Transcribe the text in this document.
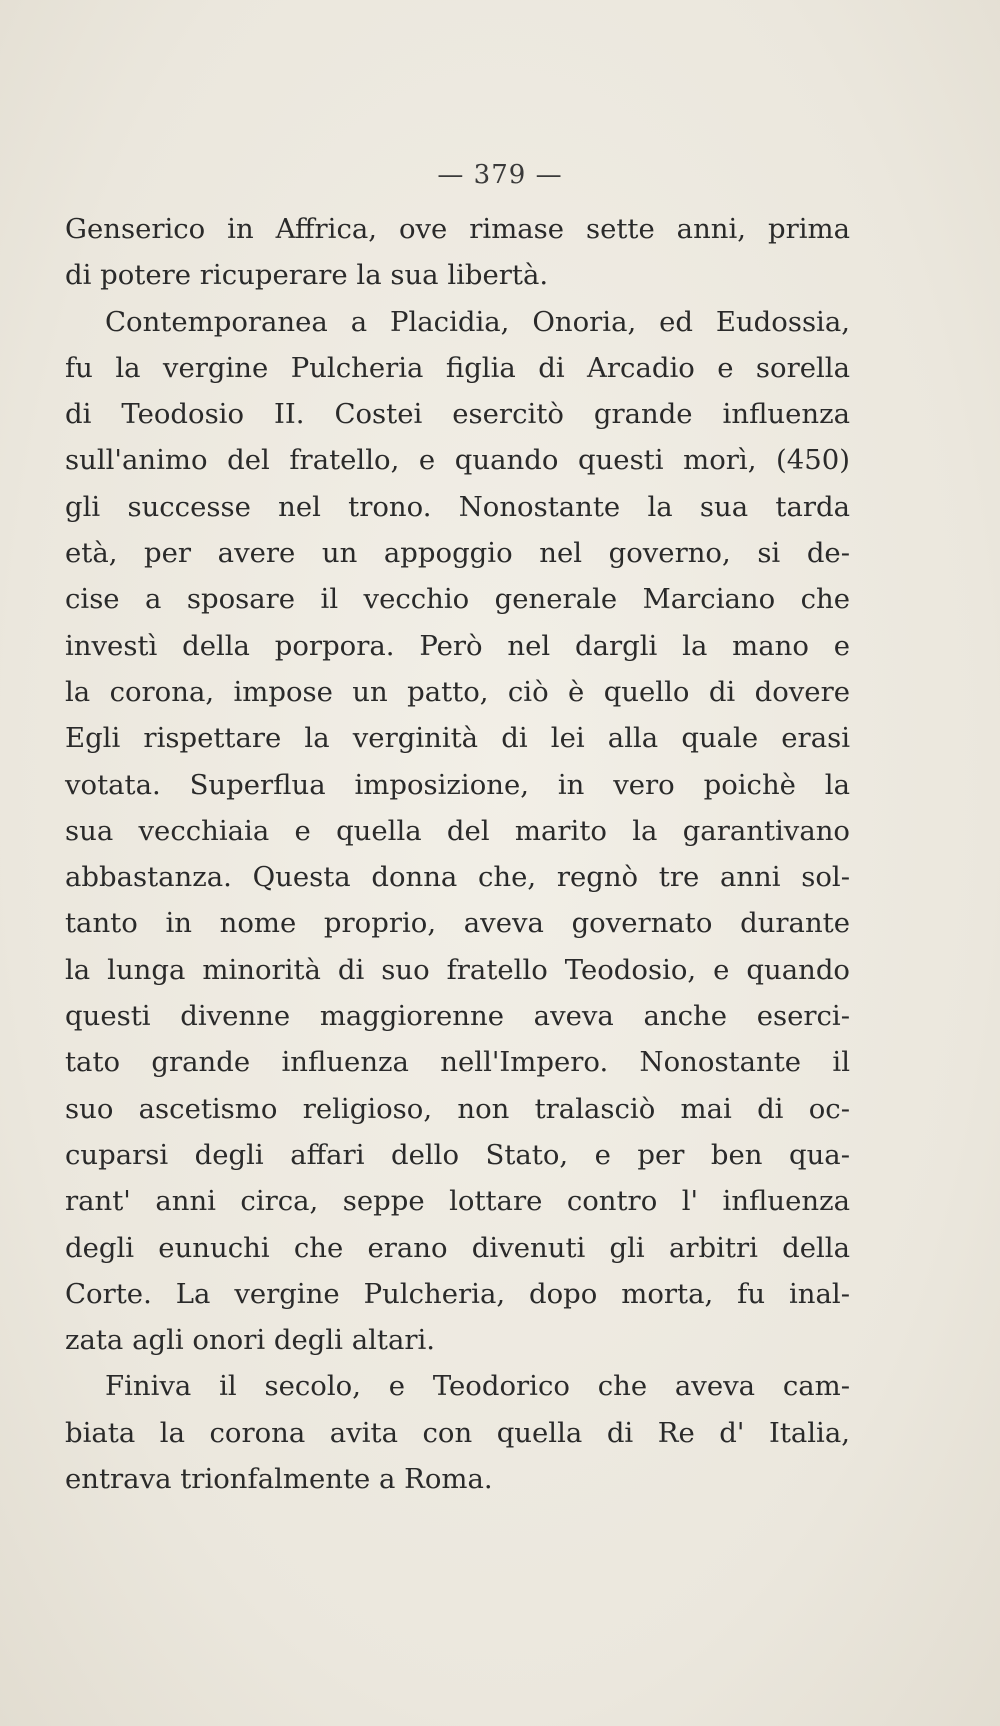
— 379 —
Genserico in Affrica, ove rimase sette anni, prima
di potere ricuperare la sua libertà.
Contemporanea a Placidia, Onoria, ed Eudossia,
fu la vergine Pulcheria figlia di Arcadio e sorella
di Teodosio II. Costei esercitò grande influenza
sull'animo del fratello, e quando questi morì, (450)
gli successe nel trono. Nonostante la sua tarda
età, per avere un appoggio nel governo, si de-
cise a sposare il vecchio generale Marciano che
investì della porpora. Però nel dargli la mano e
la corona, impose un patto, ciò è quello di dovere
Egli rispettare la verginità di lei alla quale erasi
votata. Superflua imposizione, in vero poichè la
sua vecchiaia e quella del marito la garantivano
abbastanza. Questa donna che, regnò tre anni sol-
tanto in nome proprio, aveva governato durante
la lunga minorità di suo fratello Teodosio, e quando
questi divenne maggiorenne aveva anche eserci-
tato grande influenza nell'Impero. Nonostante il
suo ascetismo religioso, non tralasciò mai di oc-
cuparsi degli affari dello Stato, e per ben qua-
rant' anni circa, seppe lottare contro l' influenza
degli eunuchi che erano divenuti gli arbitri della
Corte. La vergine Pulcheria, dopo morta, fu inal-
zata agli onori degli altari.
Finiva il secolo, e Teodorico che aveva cam-
biata la corona avita con quella di Re d' Italia,
entrava trionfalmente a Roma.
